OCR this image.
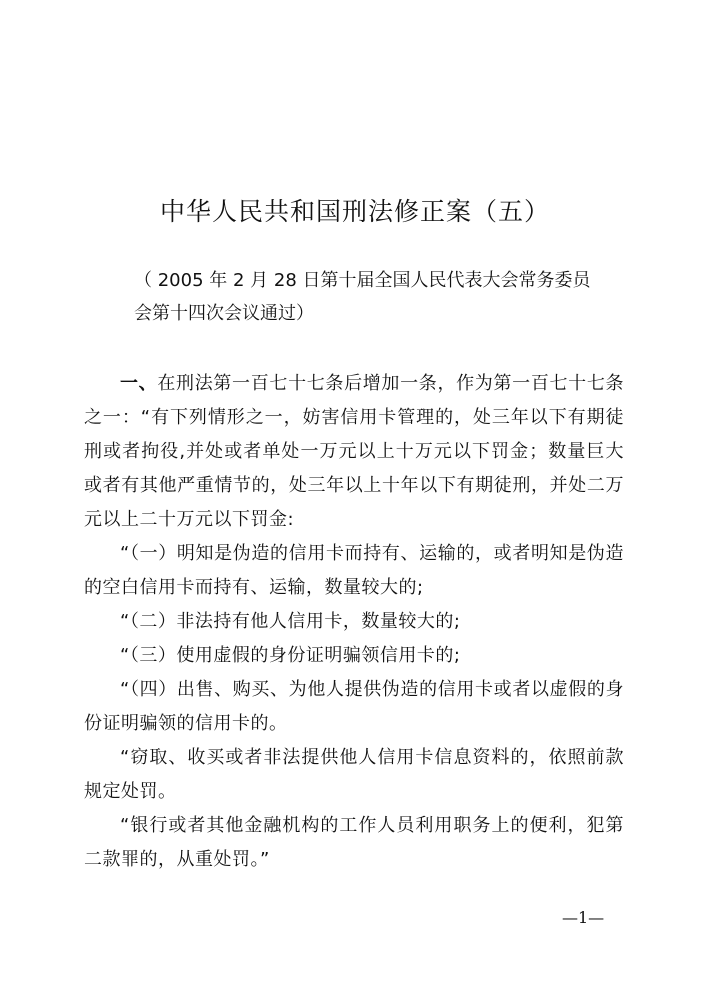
中华人民共和国刑法修正案（五）
（ 2005 年 2 月 28 日第十届全国人民代表大会常务委员
会第十四次会议通过）

一、在刑法第一百七十七条后增加一条，作为第一百七十七条之一：“有下列情形之一，妨害信用卡管理的，处三年以下有期徒刑或者拘役,并处或者单处一万元以上十万元以下罚金；数量巨大或者有其他严重情节的，处三年以上十年以下有期徒刑，并处二万元以上二十万元以下罚金:

“（一）明知是伪造的信用卡而持有、运输的，或者明知是伪造的空白信用卡而持有、运输，数量较大的;

“（二）非法持有他人信用卡，数量较大的;

“（三）使用虚假的身份证明骗领信用卡的;

“（四）出售、购买、为他人提供伪造的信用卡或者以虚假的身份证明骗领的信用卡的。

“窃取、收买或者非法提供他人信用卡信息资料的，依照前款规定处罚。

“银行或者其他金融机构的工作人员利用职务上的便利，犯第二款罪的，从重处罚。”

—1—
